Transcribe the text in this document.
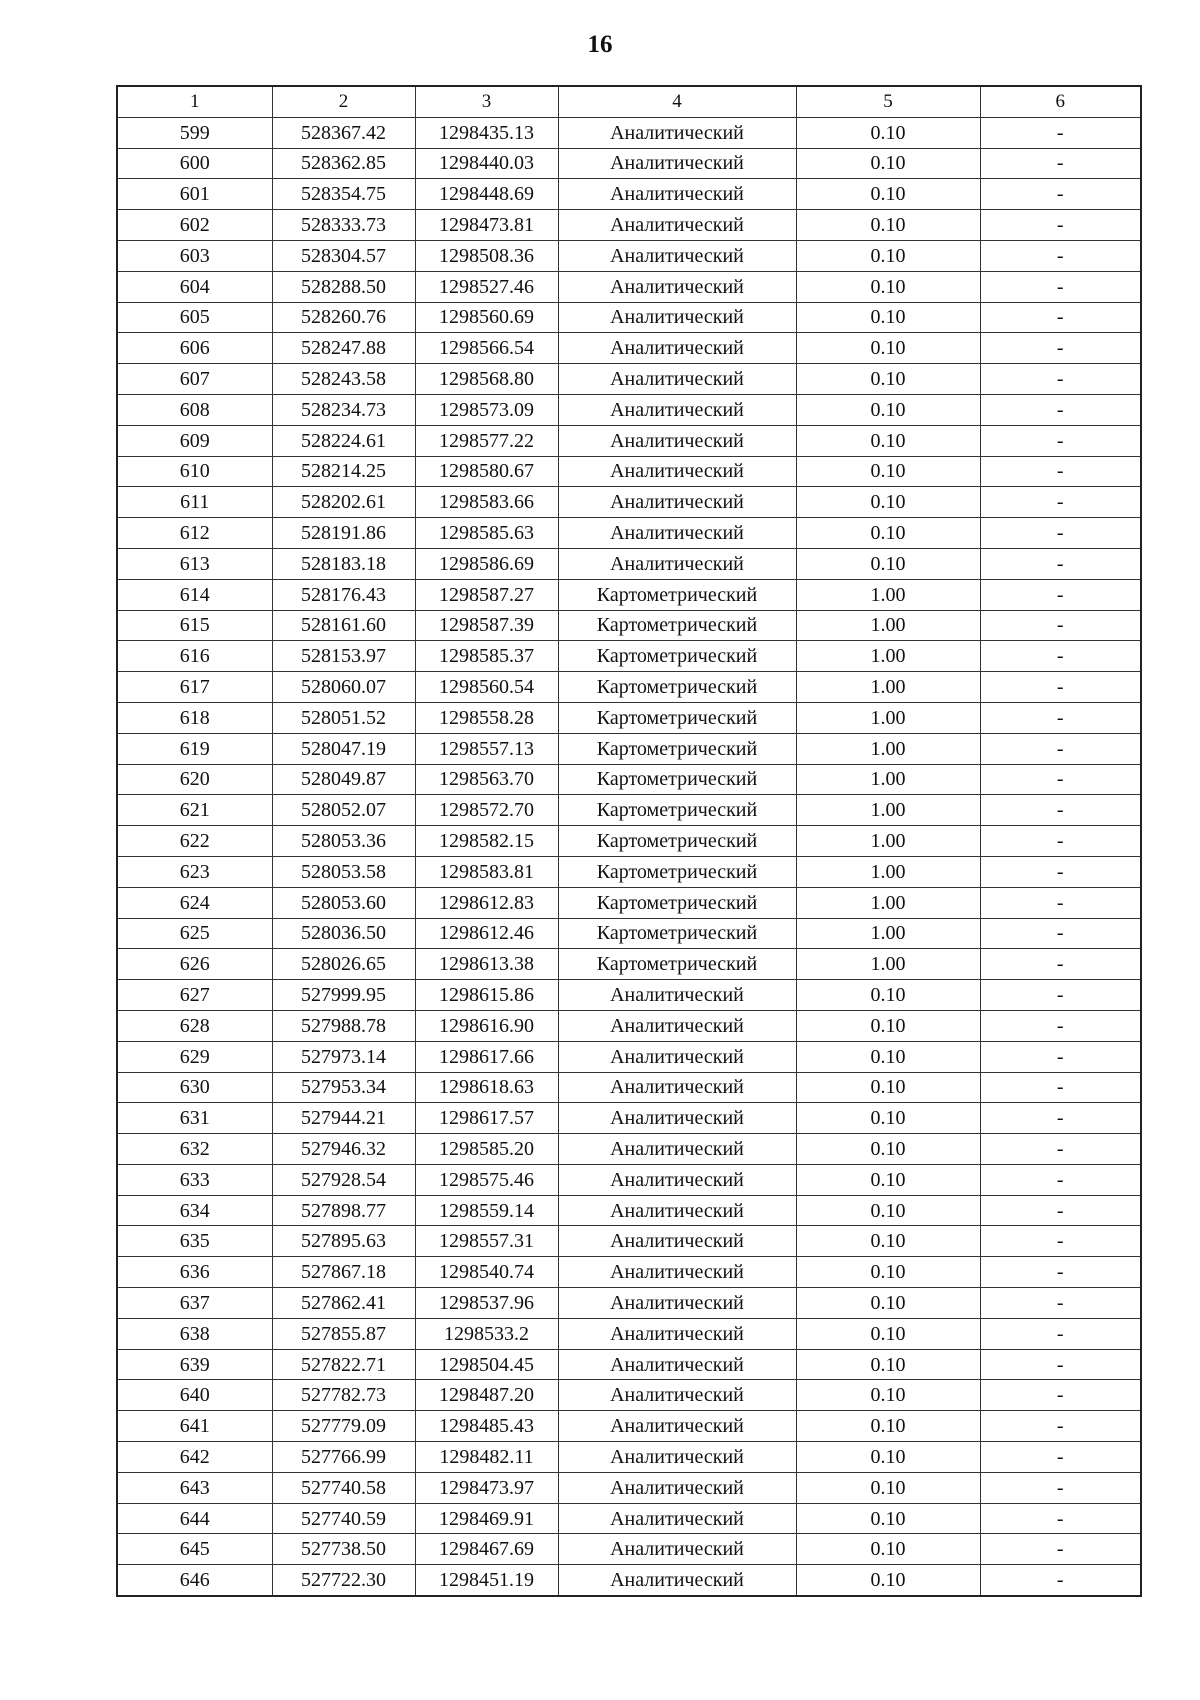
16
1	2	3	4	5	6
599	528367.42	1298435.13	Аналитический	0.10	-
600	528362.85	1298440.03	Аналитический	0.10	-
601	528354.75	1298448.69	Аналитический	0.10	-
602	528333.73	1298473.81	Аналитический	0.10	-
603	528304.57	1298508.36	Аналитический	0.10	-
604	528288.50	1298527.46	Аналитический	0.10	-
605	528260.76	1298560.69	Аналитический	0.10	-
606	528247.88	1298566.54	Аналитический	0.10	-
607	528243.58	1298568.80	Аналитический	0.10	-
608	528234.73	1298573.09	Аналитический	0.10	-
609	528224.61	1298577.22	Аналитический	0.10	-
610	528214.25	1298580.67	Аналитический	0.10	-
611	528202.61	1298583.66	Аналитический	0.10	-
612	528191.86	1298585.63	Аналитический	0.10	-
613	528183.18	1298586.69	Аналитический	0.10	-
614	528176.43	1298587.27	Картометрический	1.00	-
615	528161.60	1298587.39	Картометрический	1.00	-
616	528153.97	1298585.37	Картометрический	1.00	-
617	528060.07	1298560.54	Картометрический	1.00	-
618	528051.52	1298558.28	Картометрический	1.00	-
619	528047.19	1298557.13	Картометрический	1.00	-
620	528049.87	1298563.70	Картометрический	1.00	-
621	528052.07	1298572.70	Картометрический	1.00	-
622	528053.36	1298582.15	Картометрический	1.00	-
623	528053.58	1298583.81	Картометрический	1.00	-
624	528053.60	1298612.83	Картометрический	1.00	-
625	528036.50	1298612.46	Картометрический	1.00	-
626	528026.65	1298613.38	Картометрический	1.00	-
627	527999.95	1298615.86	Аналитический	0.10	-
628	527988.78	1298616.90	Аналитический	0.10	-
629	527973.14	1298617.66	Аналитический	0.10	-
630	527953.34	1298618.63	Аналитический	0.10	-
631	527944.21	1298617.57	Аналитический	0.10	-
632	527946.32	1298585.20	Аналитический	0.10	-
633	527928.54	1298575.46	Аналитический	0.10	-
634	527898.77	1298559.14	Аналитический	0.10	-
635	527895.63	1298557.31	Аналитический	0.10	-
636	527867.18	1298540.74	Аналитический	0.10	-
637	527862.41	1298537.96	Аналитический	0.10	-
638	527855.87	1298533.2	Аналитический	0.10	-
639	527822.71	1298504.45	Аналитический	0.10	-
640	527782.73	1298487.20	Аналитический	0.10	-
641	527779.09	1298485.43	Аналитический	0.10	-
642	527766.99	1298482.11	Аналитический	0.10	-
643	527740.58	1298473.97	Аналитический	0.10	-
644	527740.59	1298469.91	Аналитический	0.10	-
645	527738.50	1298467.69	Аналитический	0.10	-
646	527722.30	1298451.19	Аналитический	0.10	-
